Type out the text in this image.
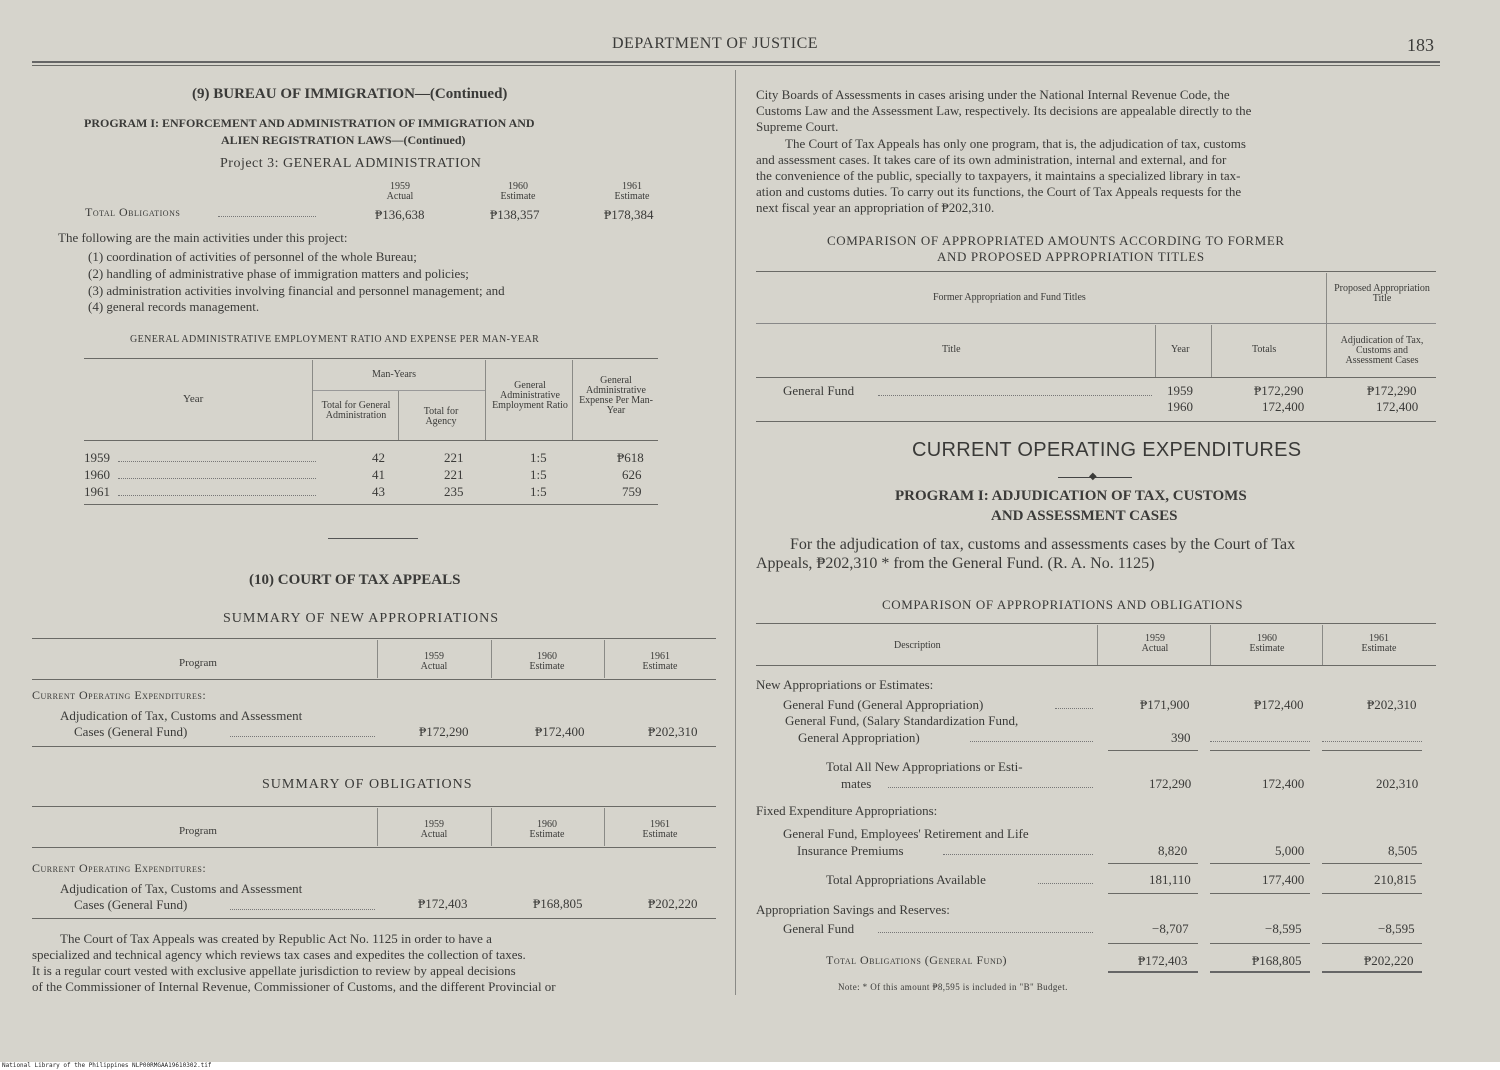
DEPARTMENT OF JUSTICE	183
(9) BUREAU OF IMMIGRATION—(Continued)
PROGRAM I: ENFORCEMENT AND ADMINISTRATION OF IMMIGRATION AND
ALIEN REGISTRATION LAWS—(Continued)
Project 3: GENERAL ADMINISTRATION
1959
Actual
1960
Estimate
1961
Estimate
Total Obligations	₱136,638	₱138,357	₱178,384
The following are the main activities under this project:
(1) coordination of activities of personnel of the whole Bureau;
(2) handling of administrative phase of immigration matters and policies;
(3) administration activities involving financial and personnel management; and
(4) general records management.
GENERAL ADMINISTRATIVE EMPLOYMENT RATIO AND EXPENSE PER MAN-YEAR
Year
Man-Years
Total for General Administration	Total for Agency
General Administrative Employment Ratio
General Administrative Expense Per Man-Year
1959	42	221	1:5	₱618
1960	41	221	1:5	626
1961	43	235	1:5	759
(10) COURT OF TAX APPEALS
SUMMARY OF NEW APPROPRIATIONS
Program
1959
Actual
1960
Estimate
1961
Estimate
Current Operating Expenditures:
Adjudication of Tax, Customs and Assessment
Cases (General Fund)	₱172,290	₱172,400	₱202,310
SUMMARY OF OBLIGATIONS
Program
1959
Actual
1960
Estimate
1961
Estimate
Current Operating Expenditures:
Adjudication of Tax, Customs and Assessment
Cases (General Fund)	₱172,403	₱168,805	₱202,220
The Court of Tax Appeals was created by Republic Act No. 1125 in order to have a
specialized and technical agency which reviews tax cases and expedites the collection of taxes.
It is a regular court vested with exclusive appellate jurisdiction to review by appeal decisions
of the Commissioner of Internal Revenue, Commissioner of Customs, and the different Provincial or
City Boards of Assessments in cases arising under the National Internal Revenue Code, the
Customs Law and the Assessment Law, respectively. Its decisions are appealable directly to the
Supreme Court.
The Court of Tax Appeals has only one program, that is, the adjudication of tax, customs
and assessment cases. It takes care of its own administration, internal and external, and for
the convenience of the public, specially to taxpayers, it maintains a specialized library in tax-
ation and customs duties. To carry out its functions, the Court of Tax Appeals requests for the
next fiscal year an appropriation of ₱202,310.
COMPARISON OF APPROPRIATED AMOUNTS ACCORDING TO FORMER
AND PROPOSED APPROPRIATION TITLES
Former Appropriation and Fund Titles
Proposed Appropriation Title
Title	Year	Totals
Adjudication of Tax, Customs and Assessment Cases
General Fund	1959	₱172,290	₱172,290
1960	172,400	172,400
CURRENT OPERATING EXPENDITURES
◆
PROGRAM I: ADJUDICATION OF TAX, CUSTOMS
AND ASSESSMENT CASES
For the adjudication of tax, customs and assessments cases by the Court of Tax
Appeals, ₱202,310 * from the General Fund. (R. A. No. 1125)
COMPARISON OF APPROPRIATIONS AND OBLIGATIONS
Description
1959
Actual
1960
Estimate
1961
Estimate
New Appropriations or Estimates:
General Fund (General Appropriation)	₱171,900	₱172,400	₱202,310
General Fund, (Salary Standardization Fund,
General Appropriation)	390
Total All New Appropriations or Esti-
mates	172,290	172,400	202,310
Fixed Expenditure Appropriations:
General Fund, Employees' Retirement and Life
Insurance Premiums	8,820	5,000	8,505
Total Appropriations Available	181,110	177,400	210,815
Appropriation Savings and Reserves:
General Fund	−8,707	−8,595	−8,595
Total Obligations (General Fund)	₱172,403	₱168,805	₱202,220
Note: * Of this amount ₱8,595 is included in "B" Budget.
National Library of the Philippines NLP00RMGAA19610302.tif
